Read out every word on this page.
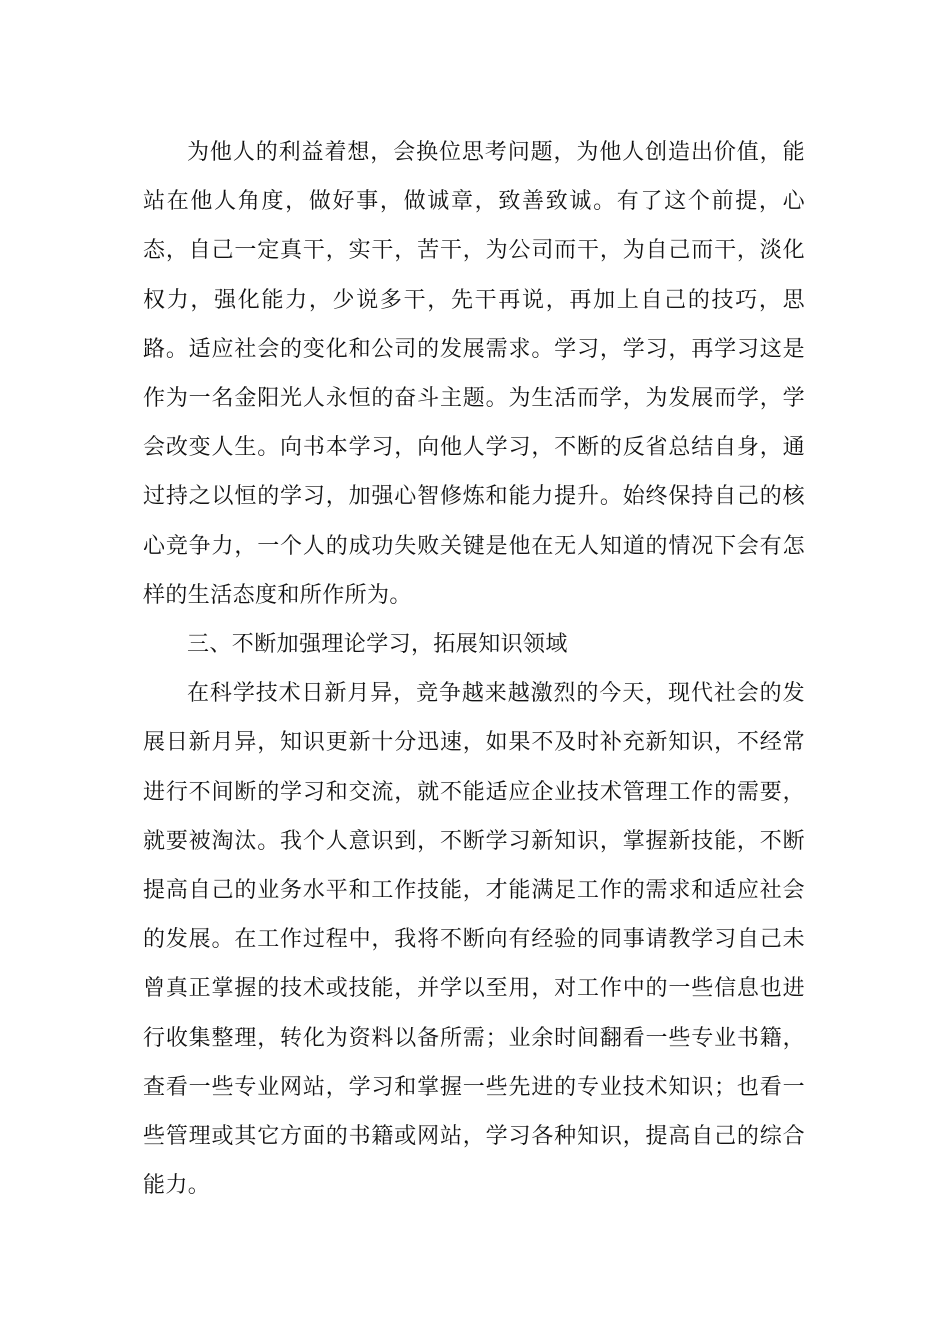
为他人的利益着想，会换位思考问题，为他人创造出价值，能站在他人角度，做好事，做诚章，致善致诚。有了这个前提，心态，自己一定真干，实干，苦干，为公司而干，为自己而干，淡化权力，强化能力，少说多干，先干再说，再加上自己的技巧，思路。适应社会的变化和公司的发展需求。学习，学习，再学习这是作为一名金阳光人永恒的奋斗主题。为生活而学，为发展而学，学会改变人生。向书本学习，向他人学习，不断的反省总结自身，通过持之以恒的学习，加强心智修炼和能力提升。始终保持自己的核心竞争力，一个人的成功失败关键是他在无人知道的情况下会有怎样的生活态度和所作所为。

三、不断加强理论学习，拓展知识领域

在科学技术日新月异，竞争越来越激烈的今天，现代社会的发展日新月异，知识更新十分迅速，如果不及时补充新知识，不经常进行不间断的学习和交流，就不能适应企业技术管理工作的需要，就要被淘汰。我个人意识到，不断学习新知识，掌握新技能，不断提高自己的业务水平和工作技能，才能满足工作的需求和适应社会的发展。在工作过程中，我将不断向有经验的同事请教学习自己未曾真正掌握的技术或技能，并学以至用，对工作中的一些信息也进行收集整理，转化为资料以备所需；业余时间翻看一些专业书籍，查看一些专业网站，学习和掌握一些先进的专业技术知识；也看一些管理或其它方面的书籍或网站，学习各种知识，提高自己的综合能力。
